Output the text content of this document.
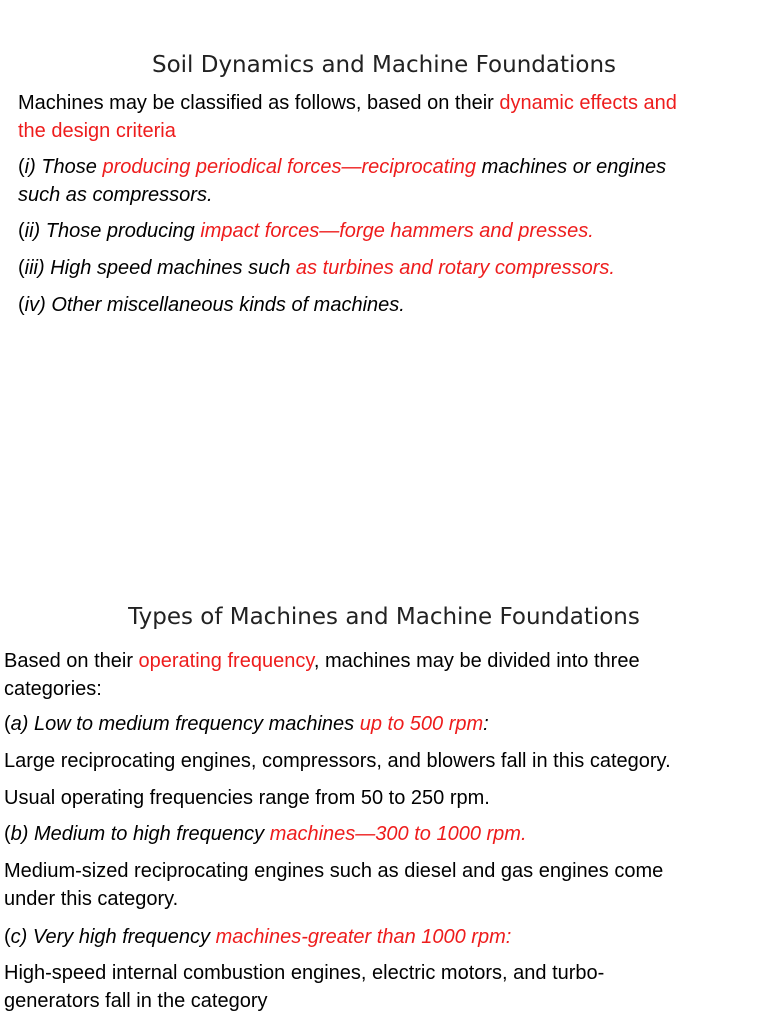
Soil Dynamics and Machine Foundations

Machines may be classified as follows, based on their dynamic effects and
the design criteria

(i) Those producing periodical forces—reciprocating machines or engines
such as compressors.

(ii) Those producing impact forces—forge hammers and presses.

(iii) High speed machines such as turbines and rotary compressors.

(iv) Other miscellaneous kinds of machines.

Types of Machines and Machine Foundations

Based on their operating frequency, machines may be divided into three
categories:

(a) Low to medium frequency machines up to 500 rpm:

Large reciprocating engines, compressors, and blowers fall in this category.

Usual operating frequencies range from 50 to 250 rpm.

(b) Medium to high frequency machines—300 to 1000 rpm.

Medium-sized reciprocating engines such as diesel and gas engines come
under this category.

(c) Very high frequency machines-greater than 1000 rpm:

High-speed internal combustion engines, electric motors, and turbo-
generators fall in the category
